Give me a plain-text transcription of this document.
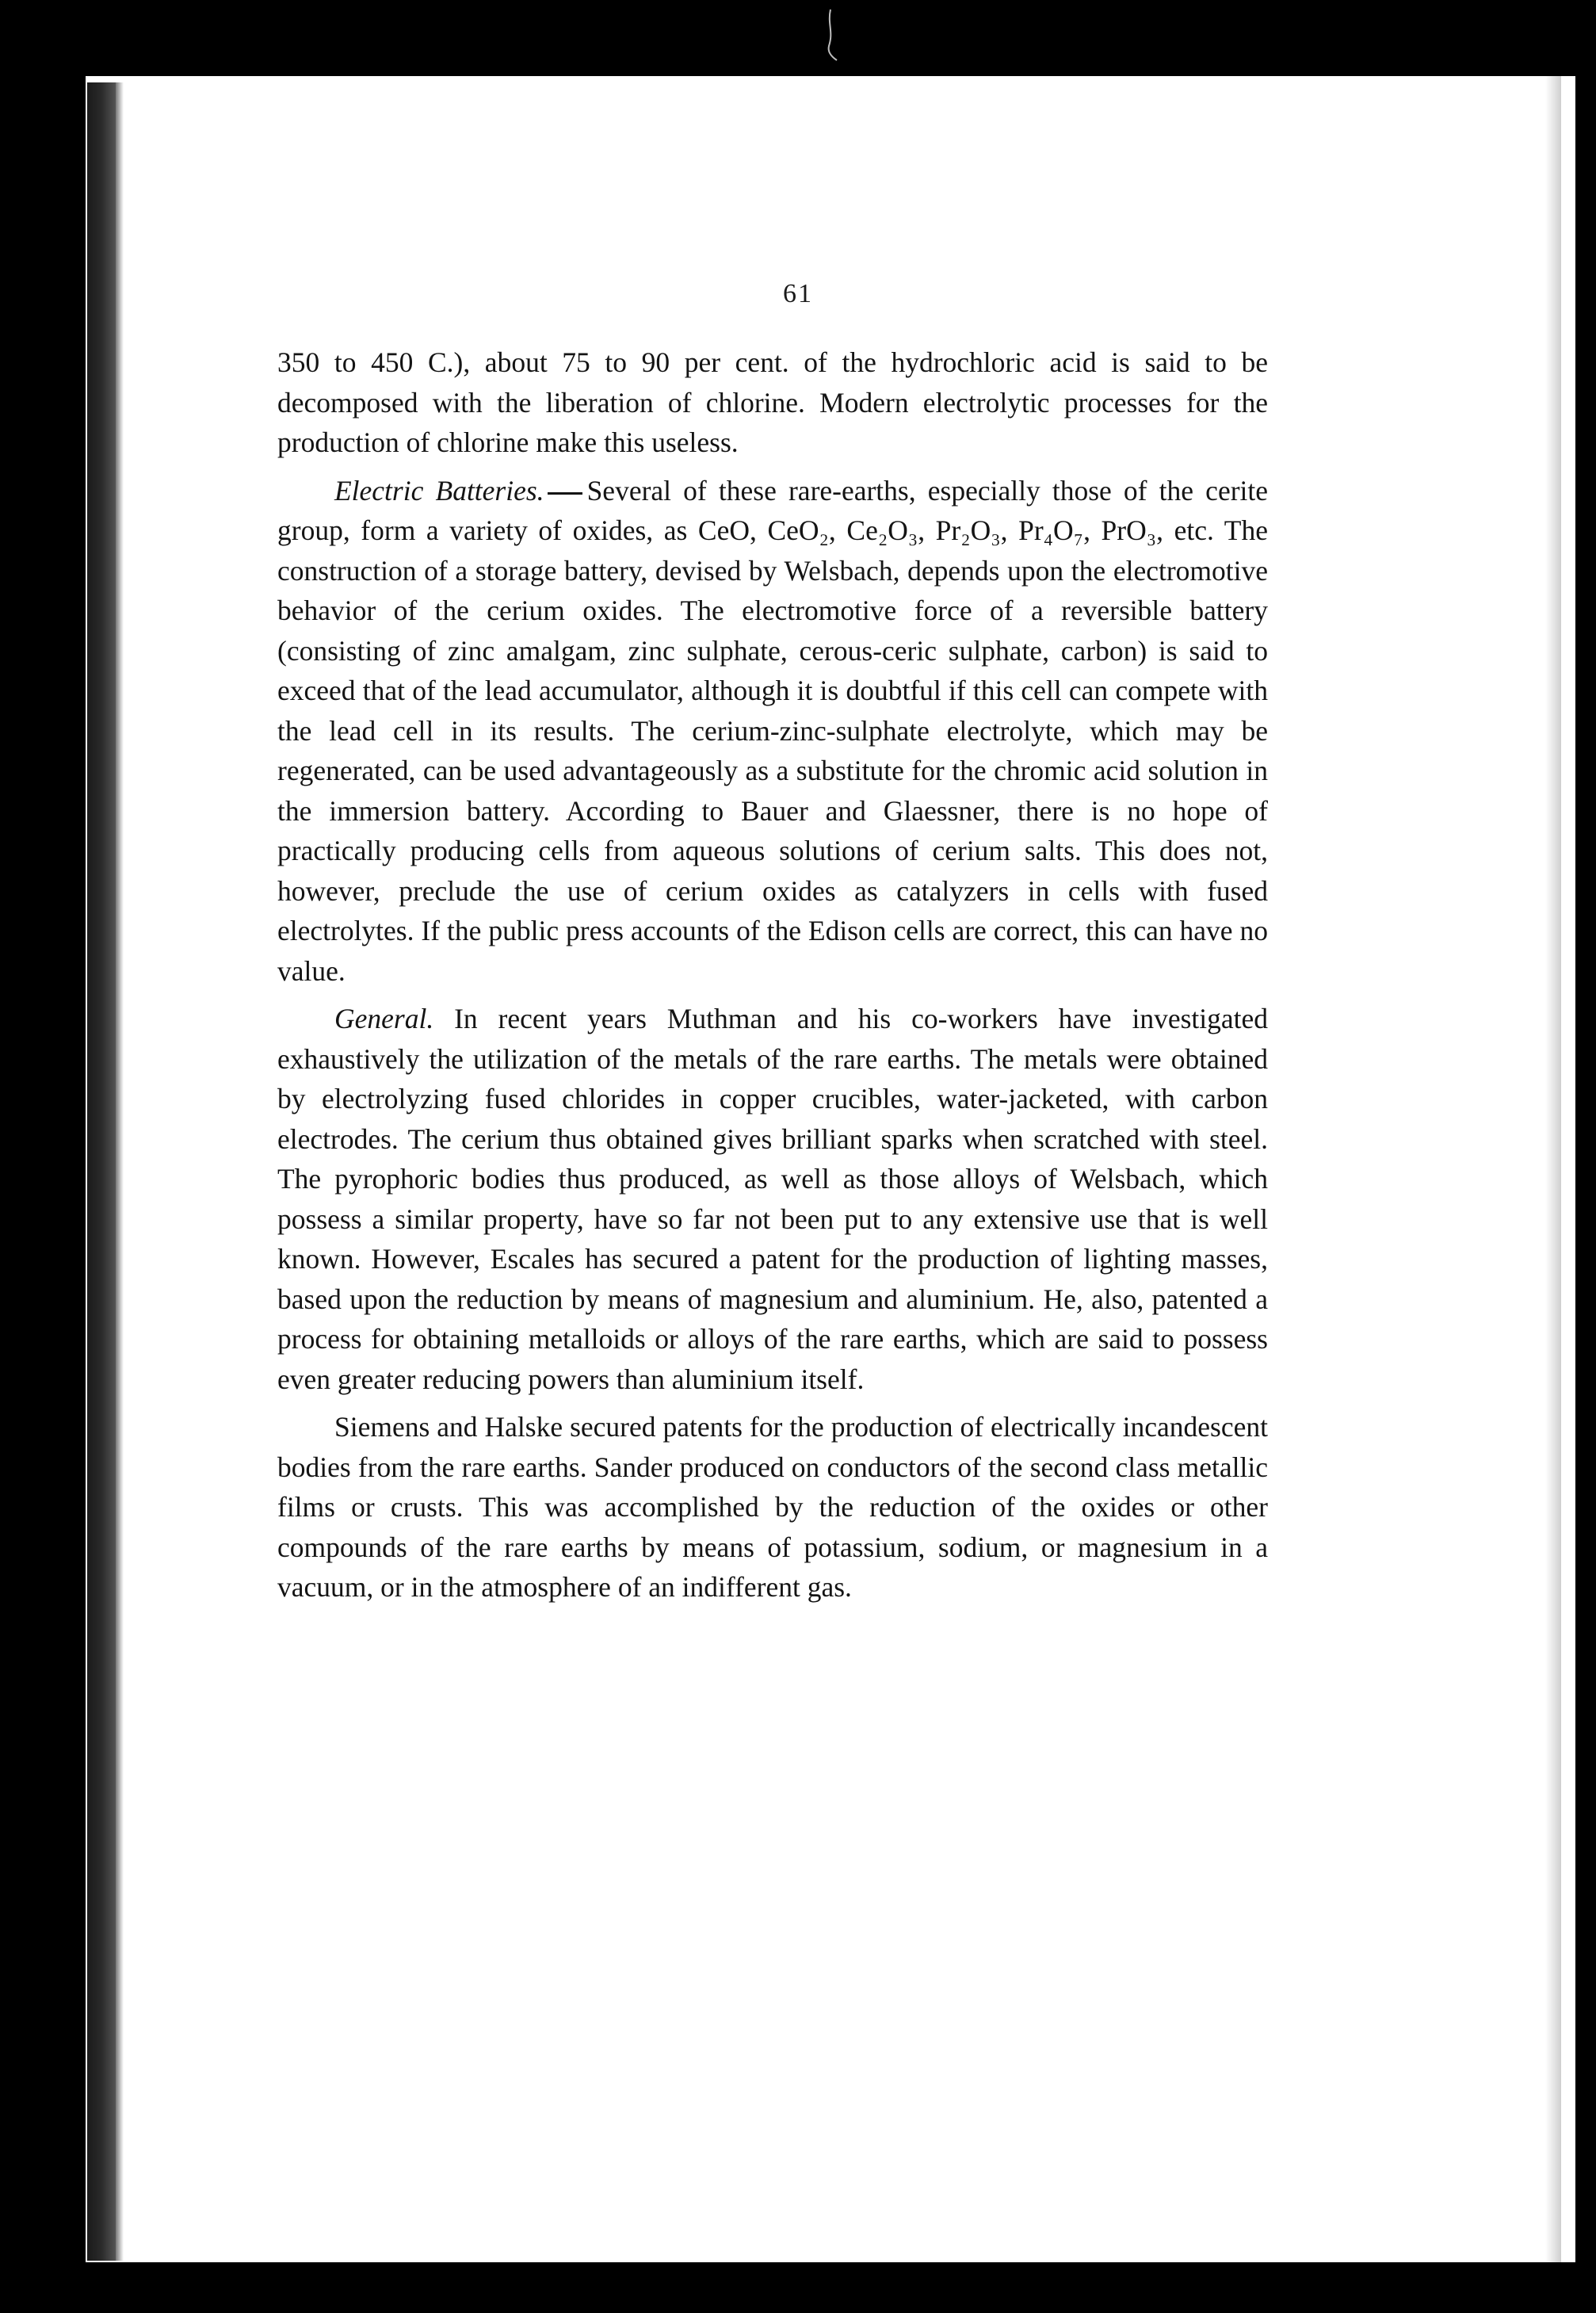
61

350 to 450 C.), about 75 to 90 per cent. of the hydrochloric acid is said to be decomposed with the liberation of chlorine. Modern electrolytic processes for the production of chlorine make this useless.

Electric Batteries. Several of these rare-earths, especially those of the cerite group, form a variety of oxides, as CeO, CeO₂, Ce₂O₃, Pr₂O₃, Pr₄O₇, PrO₃, etc. The construction of a storage battery, devised by Welsbach, depends upon the electromotive behavior of the cerium oxides. The electromotive force of a reversible battery (consisting of zinc amalgam, zinc sulphate, cerous-ceric sulphate, carbon) is said to exceed that of the lead accumulator, although it is doubtful if this cell can compete with the lead cell in its results. The cerium-zinc-sulphate electrolyte, which may be regenerated, can be used advantageously as a substitute for the chromic acid solution in the immersion battery. According to Bauer and Glaessner, there is no hope of practically producing cells from aqueous solutions of cerium salts. This does not, however, preclude the use of cerium oxides as catalyzers in cells with fused electrolytes. If the public press accounts of the Edison cells are correct, this can have no value.

General. In recent years Muthman and his co-workers have investigated exhaustively the utilization of the metals of the rare earths. The metals were obtained by electrolyzing fused chlorides in copper crucibles, water-jacketed, with carbon electrodes. The cerium thus obtained gives brilliant sparks when scratched with steel. The pyrophoric bodies thus produced, as well as those alloys of Welsbach, which possess a similar property, have so far not been put to any extensive use that is well known. However, Escales has secured a patent for the production of lighting masses, based upon the reduction by means of magnesium and aluminium. He, also, patented a process for obtaining metalloids or alloys of the rare earths, which are said to possess even greater reducing powers than aluminium itself.

Siemens and Halske secured patents for the production of electrically incandescent bodies from the rare earths. Sander produced on conductors of the second class metallic films or crusts. This was accomplished by the reduction of the oxides or other compounds of the rare earths by means of potassium, sodium, or magnesium in a vacuum, or in the atmosphere of an indifferent gas.
